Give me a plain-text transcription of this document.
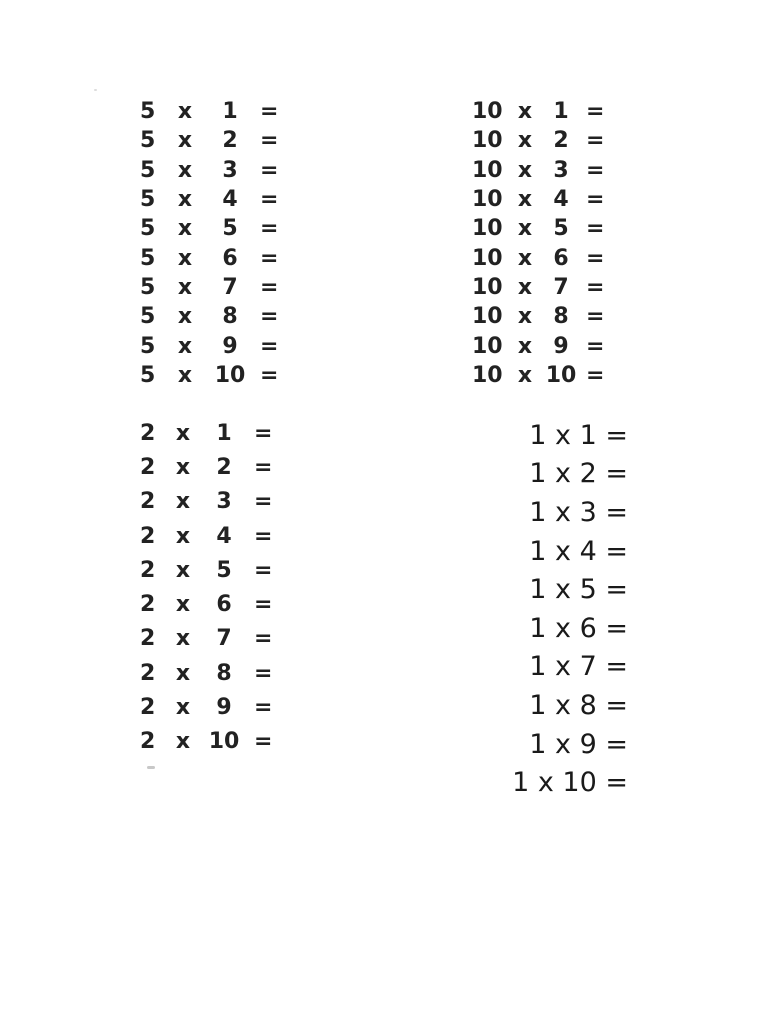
5	x	1	=
5	x	2	=
5	x	3	=
5	x	4	=
5	x	5	=
5	x	6	=
5	x	7	=
5	x	8	=
5	x	9	=
5	x	10 =
10 x 1 =
10 x 2 =
10 x 3 =
10 x 4 =
10 x 5 =
10 x 6 =
10 x 7 =
10 x 8 =
10 x 9 =
10 x 10 =
2 x	1	=
2 x	2	=
2 x	3	=
2 x	4	=
2 x	5	=
2 x	6	=
2 x	7	=
2 x	8	=
2 x	9	=
2 x 10 =
1 x 1 =
1 x 2 =
1 x 3 =
1 x 4 =
1 x 5 =
1 x 6 =
1 x 7 =
1 x 8 =
1 x 9 =
1 x 10 =
